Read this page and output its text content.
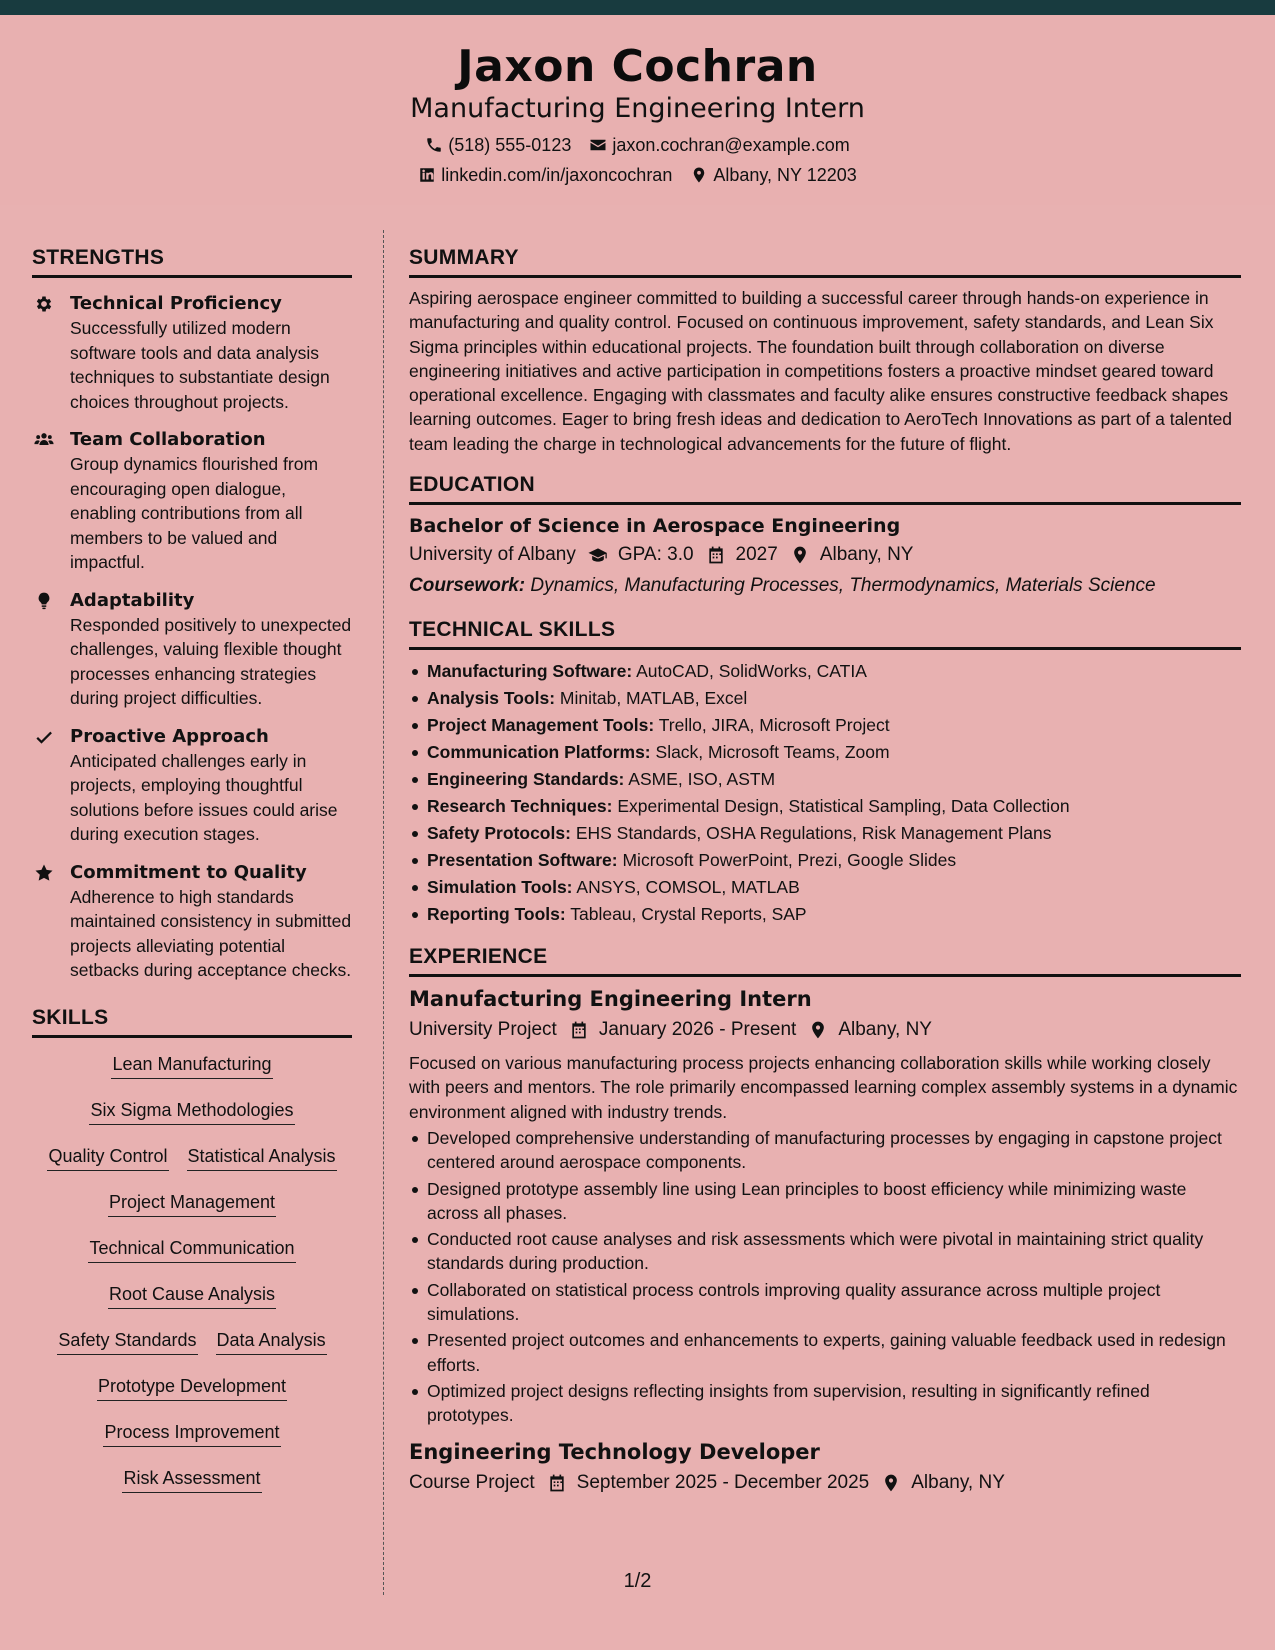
Jaxon Cochran
Manufacturing Engineering Intern
(518) 555-0123 jaxon.cochran@example.com
linkedin.com/in/jaxoncochran Albany, NY 12203
STRENGTHS
Technical Proficiency
Successfully utilized modern software tools and data analysis techniques to substantiate design choices throughout projects.
Team Collaboration
Group dynamics flourished from encouraging open dialogue, enabling contributions from all members to be valued and impactful.
Adaptability
Responded positively to unexpected challenges, valuing flexible thought processes enhancing strategies during project difficulties.
Proactive Approach
Anticipated challenges early in projects, employing thoughtful solutions before issues could arise during execution stages.
Commitment to Quality
Adherence to high standards maintained consistency in submitted projects alleviating potential setbacks during acceptance checks.
SKILLS
Lean Manufacturing
Six Sigma Methodologies
Quality Control Statistical Analysis
Project Management
Technical Communication
Root Cause Analysis
Safety Standards Data Analysis
Prototype Development
Process Improvement
Risk Assessment
SUMMARY
Aspiring aerospace engineer committed to building a successful career through hands-on experience in manufacturing and quality control. Focused on continuous improvement, safety standards, and Lean Six Sigma principles within educational projects. The foundation built through collaboration on diverse engineering initiatives and active participation in competitions fosters a proactive mindset geared toward operational excellence. Engaging with classmates and faculty alike ensures constructive feedback shapes learning outcomes. Eager to bring fresh ideas and dedication to AeroTech Innovations as part of a talented team leading the charge in technological advancements for the future of flight.
EDUCATION
Bachelor of Science in Aerospace Engineering
University of Albany GPA: 3.0 2027 Albany, NY
Coursework: Dynamics, Manufacturing Processes, Thermodynamics, Materials Science
TECHNICAL SKILLS
Manufacturing Software: AutoCAD, SolidWorks, CATIA
Analysis Tools: Minitab, MATLAB, Excel
Project Management Tools: Trello, JIRA, Microsoft Project
Communication Platforms: Slack, Microsoft Teams, Zoom
Engineering Standards: ASME, ISO, ASTM
Research Techniques: Experimental Design, Statistical Sampling, Data Collection
Safety Protocols: EHS Standards, OSHA Regulations, Risk Management Plans
Presentation Software: Microsoft PowerPoint, Prezi, Google Slides
Simulation Tools: ANSYS, COMSOL, MATLAB
Reporting Tools: Tableau, Crystal Reports, SAP
EXPERIENCE
Manufacturing Engineering Intern
University Project January 2026 - Present Albany, NY
Focused on various manufacturing process projects enhancing collaboration skills while working closely with peers and mentors. The role primarily encompassed learning complex assembly systems in a dynamic environment aligned with industry trends.
Developed comprehensive understanding of manufacturing processes by engaging in capstone project centered around aerospace components.
Designed prototype assembly line using Lean principles to boost efficiency while minimizing waste across all phases.
Conducted root cause analyses and risk assessments which were pivotal in maintaining strict quality standards during production.
Collaborated on statistical process controls improving quality assurance across multiple project simulations.
Presented project outcomes and enhancements to experts, gaining valuable feedback used in redesign efforts.
Optimized project designs reflecting insights from supervision, resulting in significantly refined prototypes.
Engineering Technology Developer
Course Project September 2025 - December 2025 Albany, NY
1/2
